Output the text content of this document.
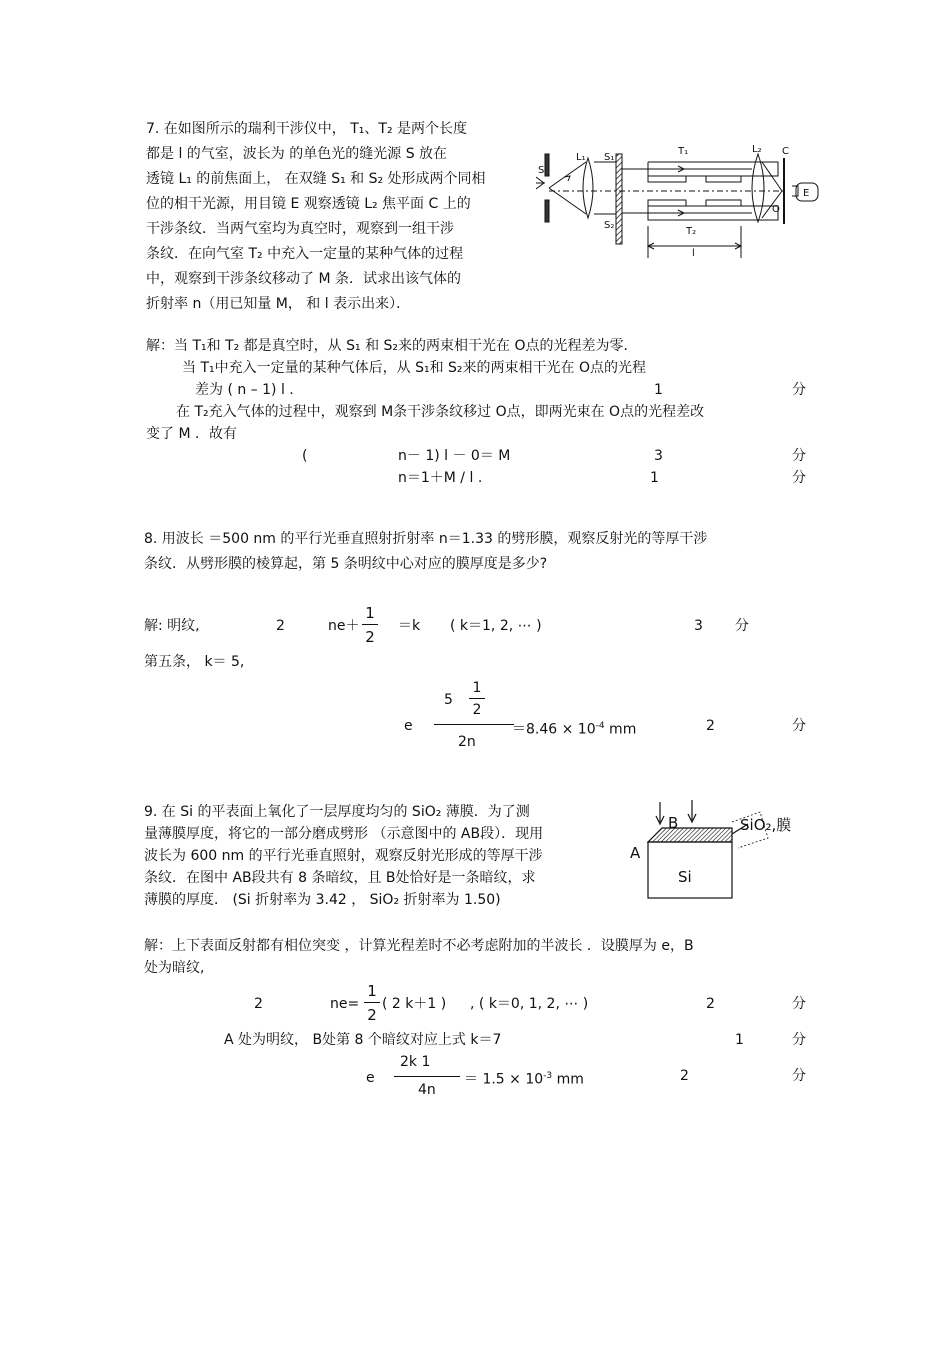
7. 在如图所示的瑞利干涉仪中， T₁、T₂ 是两个长度
都是 l 的气室，波长为 的单色光的缝光源 S 放在
透镜 L₁ 的前焦面上， 在双缝 S₁ 和 S₂ 处形成两个同相
位的相干光源，用目镜 E 观察透镜 L₂ 焦平面 C 上的
干涉条纹．当两气室均为真空时，观察到一组干涉
条纹．在向气室 T₂ 中充入一定量的某种气体的过程
中，观察到干涉条纹移动了 M 条．试求出该气体的
折射率 n（用已知量 M， 和 l 表示出来）．
S
L₁ S₁
S₂
T₁
T₂
L₂ C
O
E
l
解：当 T₁和 T₂ 都是真空时，从 S₁ 和 S₂来的两束相干光在 O点的光程差为零．
当 T₁中充入一定量的某种气体后，从 S₁和 S₂来的两束相干光在 O点的光程
差为 ( n – 1) l .	1	分
在 T₂充入气体的过程中，观察到 M条干涉条纹移过 O点，即两光束在 O点的光程差改
变了 M ．故有
(	n－ 1) l － 0＝ M	3	分
n＝1＋M / l .	1	分
8. 用波长 ＝500 nm 的平行光垂直照射折射率 n＝1.33 的劈形膜，观察反射光的等厚干涉
条纹．从劈形膜的棱算起，第 5 条明纹中心对应的膜厚度是多少?
解: 明纹,	2	ne＋
1
2
＝k ( k＝1, 2, ⋯ )	3 分
第五条， k＝ 5,
e
5
1
2
2n
$=8.46 \times 10^{-4}$ mm	2	分
9. 在 Si 的平表面上氧化了一层厚度均匀的 SiO₂ 薄膜．为了测
量薄膜厚度，将它的一部分磨成劈形 （示意图中的 AB段）．现用
波长为 600 nm 的平行光垂直照射，观察反射光形成的等厚干涉
条纹．在图中 AB段共有 8 条暗纹，且 B处恰好是一条暗纹，求
薄膜的厚度． (Si 折射率为 3.42 ， SiO₂ 折射率为 1.50)
B
A
SiO₂,膜
Si
解：上下表面反射都有相位突变 ，计算光程差时不必考虑附加的半波长 ．设膜厚为 e，B
处为暗纹,
2	ne=
1
2
( 2 k＋1 ) , ( k＝0, 1, 2, ⋯ )	2	分
A 处为明纹， B处第 8 个暗纹对应上式 k＝7	1	分
e
2k 1
4n
＝ $1.5 \times 10^{-3}$ mm	2	分
